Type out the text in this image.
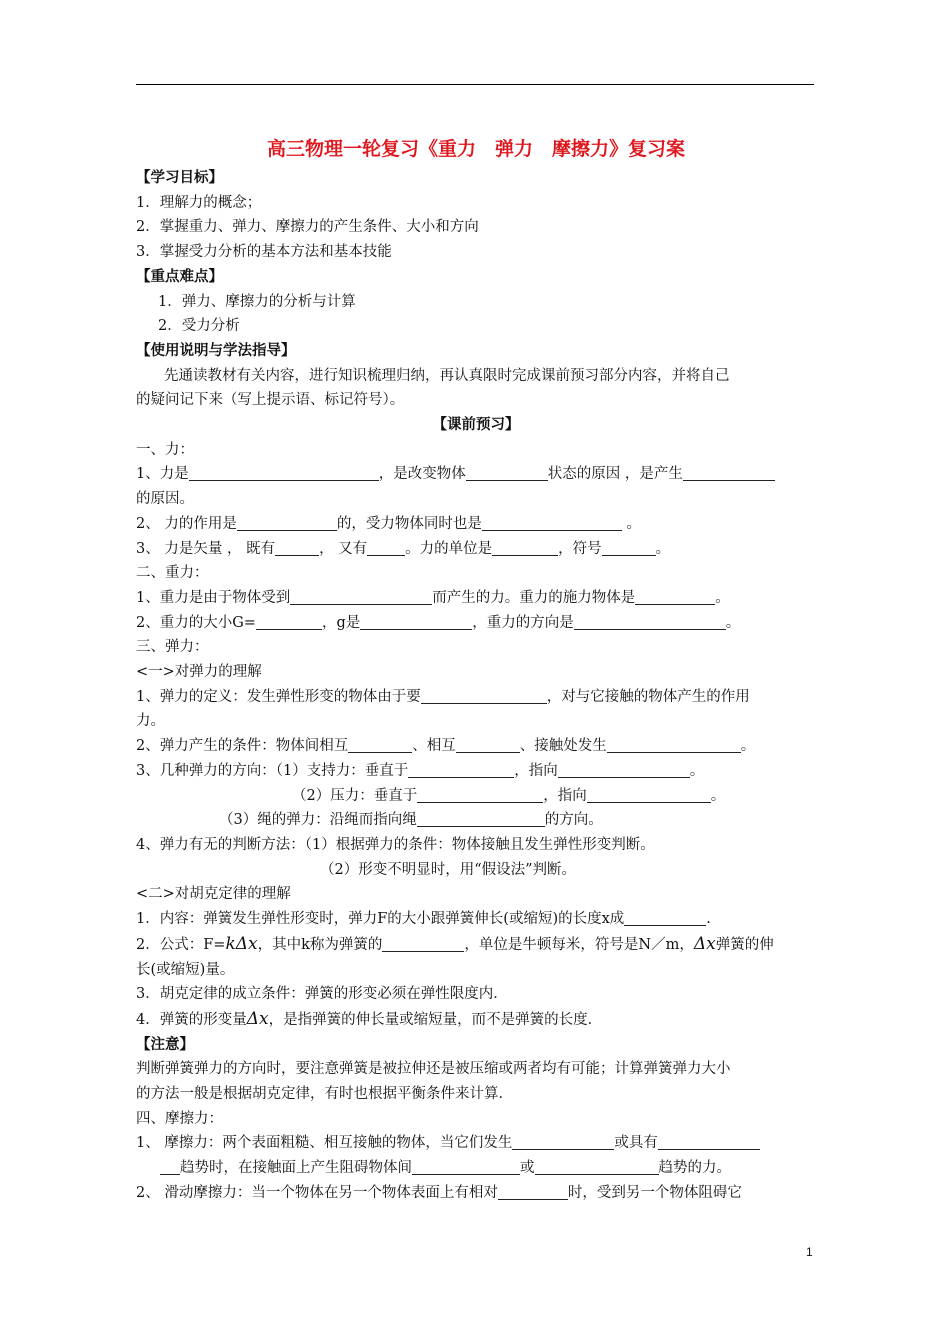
高三物理一轮复习《重力　弹力　摩擦力》复习案
【学习目标】
1．理解力的概念；
2．掌握重力、弹力、摩擦力的产生条件、大小和方向
3．掌握受力分析的基本方法和基本技能
【重点难点】
1．弹力、摩擦力的分析与计算
2．受力分析
【使用说明与学法指导】
先通读教材有关内容，进行知识梳理归纳，再认真限时完成课前预习部分内容，并将自己
的疑问记下来（写上提示语、标记符号）。
【课前预习】
一、力：
1、力是	，是改变物体	状态的原因 ，是产生
的原因。
2、 力的作用是	的，受力物体同时也是	。
3、 力是矢量 ， 既有	， 又有	。力的单位是	，符号	。
二、重力：
1、重力是由于物体受到	而产生的力。重力的施力物体是	。
2、重力的大小G=	，g是	，重力的方向是	。
三、弹力：
<一>对弹力的理解
1、弹力的定义：发生弹性形变的物体由于要	，对与它接触的物体产生的作用
力。
2、弹力产生的条件：物体间相互	、相互	、接触处发生	。
3、几种弹力的方向：（1）支持力：垂直于	，指向	。
（2）压力：垂直于	，指向	。
（3）绳的弹力：沿绳而指向绳	的方向。
4、弹力有无的判断方法：（1）根据弹力的条件：物体接触且发生弹性形变判断。
（2）形变不明显时，用“假设法”判断。
<二>对胡克定律的理解
1．内容：弹簧发生弹性形变时，弹力F的大小跟弹簧伸长(或缩短)的长度x成	.
2．公式：F=kΔx，其中k称为弹簧的	，单位是牛顿每米，符号是N／m，Δx弹簧的伸
长(或缩短)量。
3．胡克定律的成立条件：弹簧的形变必须在弹性限度内．
4．弹簧的形变量Δx，是指弹簧的伸长量或缩短量，而不是弹簧的长度．
【注意】
判断弹簧弹力的方向时，要注意弹簧是被拉伸还是被压缩或两者均有可能；计算弹簧弹力大小
的方法一般是根据胡克定律，有时也根据平衡条件来计算．
四、摩擦力：
1、 摩擦力：两个表面粗糙、相互接触的物体，当它们发生	或具有
趋势时，在接触面上产生阻碍物体间	或	趋势的力。
2、 滑动摩擦力：当一个物体在另一个物体表面上有相对	时，受到另一个物体阻碍它
1
